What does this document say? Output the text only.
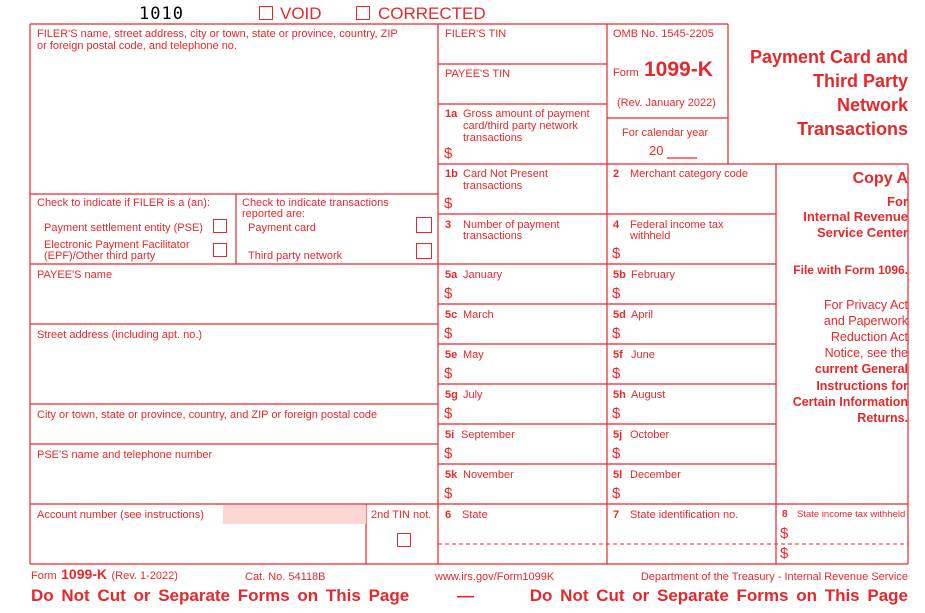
1010	VOID	CORRECTED
FILER'S name, street address, city or town, state or province, country, ZIP
or foreign postal code, and telephone no.
FILER'S TIN
PAYEE'S TIN
OMB No. 1545-2205
Form 1099-K
(Rev. January 2022)
For calendar year
20
Payment Card and
Third Party
Network
Transactions
1a Gross amount of payment
card/third party network
transactions
$
1b Card Not Present
transactions
$
2 Merchant category code
3 Number of payment
transactions
4 Federal income tax
withheld
$
Check to indicate if FILER is a (an):
Payment settlement entity (PSE)
Electronic Payment Facilitator
(EPF)/Other third party
Check to indicate transactions
reported are:
Payment card
Third party network
Copy A
For
Internal Revenue
Service Center
File with Form 1096.
For Privacy Act
and Paperwork
Reduction Act
Notice, see the
current General
Instructions for
Certain Information
Returns.
PAYEE'S name
Street address (including apt. no.)
City or town, state or province, country, and ZIP or foreign postal code
PSE'S name and telephone number
Account number (see instructions)	2nd TIN not.
5a January
$
5b February
$
5c March
$
5d April
$
5e May
$
5f June
$
5g July
$
5h August
$
5i September
$
5j October
$
5k November
$
5l December
$
6 State	7 State identification no.	8 State income tax withheld
$
$
Form 1099-K (Rev. 1-2022)	Cat. No. 54118B	www.irs.gov/Form1099K	Department of the Treasury - Internal Revenue Service
Do Not Cut or Separate Forms on This Page	—	Do Not Cut or Separate Forms on This Page
